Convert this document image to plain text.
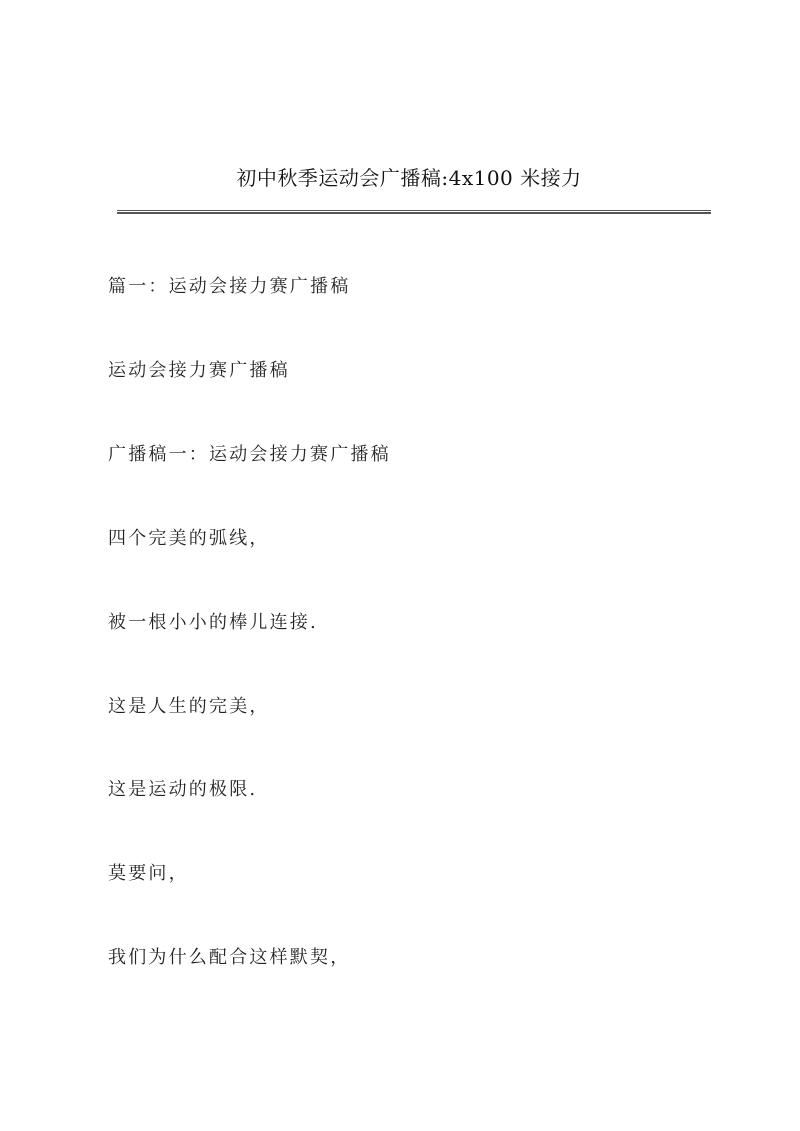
初中秋季运动会广播稿:4x100 米接力
篇一：运动会接力赛广播稿
运动会接力赛广播稿
广播稿一：运动会接力赛广播稿
四个完美的弧线，
被一根小小的棒儿连接.
这是人生的完美，
这是运动的极限.
莫要问，
我们为什么配合这样默契，
